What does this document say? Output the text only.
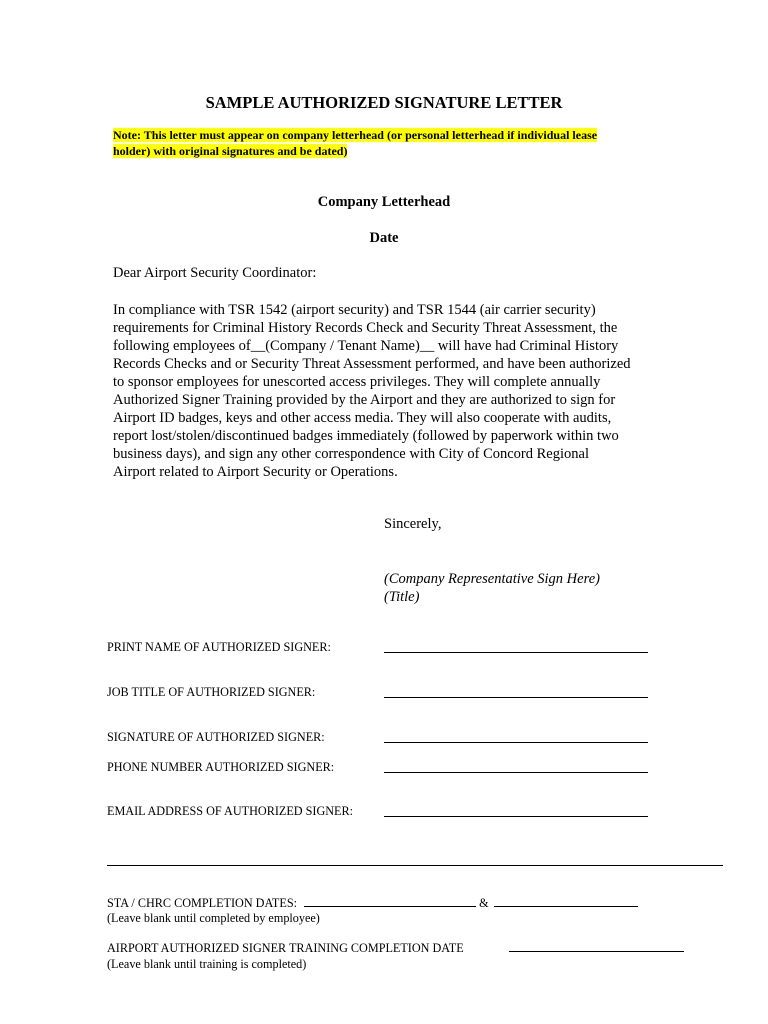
SAMPLE AUTHORIZED SIGNATURE LETTER
Note: This letter must appear on company letterhead (or personal letterhead if individual lease
holder) with original signatures and be dated)
Company Letterhead
Date
Dear Airport Security Coordinator:
In compliance with TSR 1542 (airport security) and TSR 1544 (air carrier security)
requirements for Criminal History Records Check and Security Threat Assessment, the
following employees of__(Company / Tenant Name)__ will have had Criminal History
Records Checks and or Security Threat Assessment performed, and have been authorized
to sponsor employees for unescorted access privileges. They will complete annually
Authorized Signer Training provided by the Airport and they are authorized to sign for
Airport ID badges, keys and other access media. They will also cooperate with audits,
report lost/stolen/discontinued badges immediately (followed by paperwork within two
business days), and sign any other correspondence with City of Concord Regional
Airport related to Airport Security or Operations.
Sincerely,
(Company Representative Sign Here)
(Title)
PRINT NAME OF AUTHORIZED SIGNER:
JOB TITLE OF AUTHORIZED SIGNER:
SIGNATURE OF AUTHORIZED SIGNER:
PHONE NUMBER AUTHORIZED SIGNER:
EMAIL ADDRESS OF AUTHORIZED SIGNER:
STA / CHRC COMPLETION DATES:	&
(Leave blank until completed by employee)
AIRPORT AUTHORIZED SIGNER TRAINING COMPLETION DATE
(Leave blank until training is completed)
